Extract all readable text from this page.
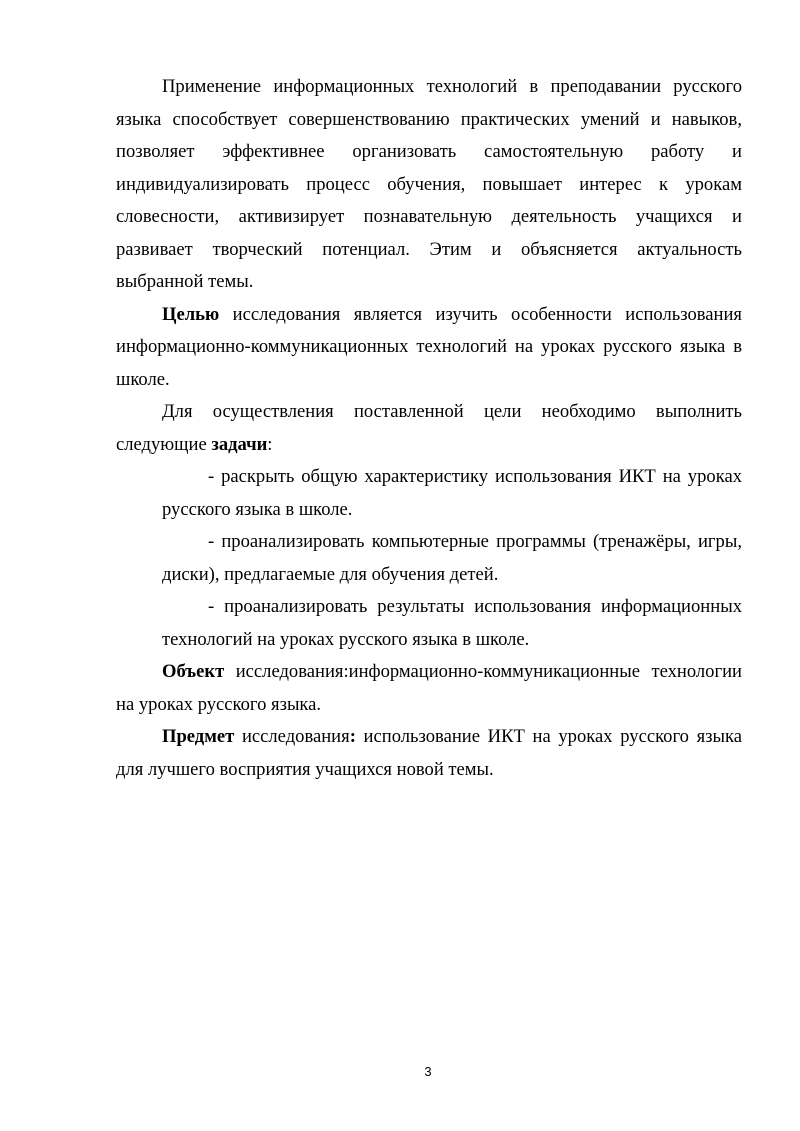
Применение информационных технологий в преподавании русского языка способствует совершенствованию практических умений и навыков, позволяет эффективнее организовать самостоятельную работу и индивидуализировать процесс обучения, повышает интерес к урокам словесности, активизирует познавательную деятельность учащихся и развивает творческий потенциал. Этим и объясняется актуальность выбранной темы.

Целью исследования является изучить особенности использования информационно-коммуникационных технологий на уроках русского языка в школе.

Для осуществления поставленной цели необходимо выполнить следующие задачи:

- раскрыть общую характеристику использования ИКТ на уроках русского языка в школе.

- проанализировать компьютерные программы (тренажёры, игры, диски), предлагаемые для обучения детей.

- проанализировать результаты использования информационных технологий на уроках русского языка в школе.

Объект исследования:информационно-коммуникационные технологии на уроках русского языка.

Предмет исследования: использование ИКТ на уроках русского языка для лучшего восприятия учащихся новой темы.

3
